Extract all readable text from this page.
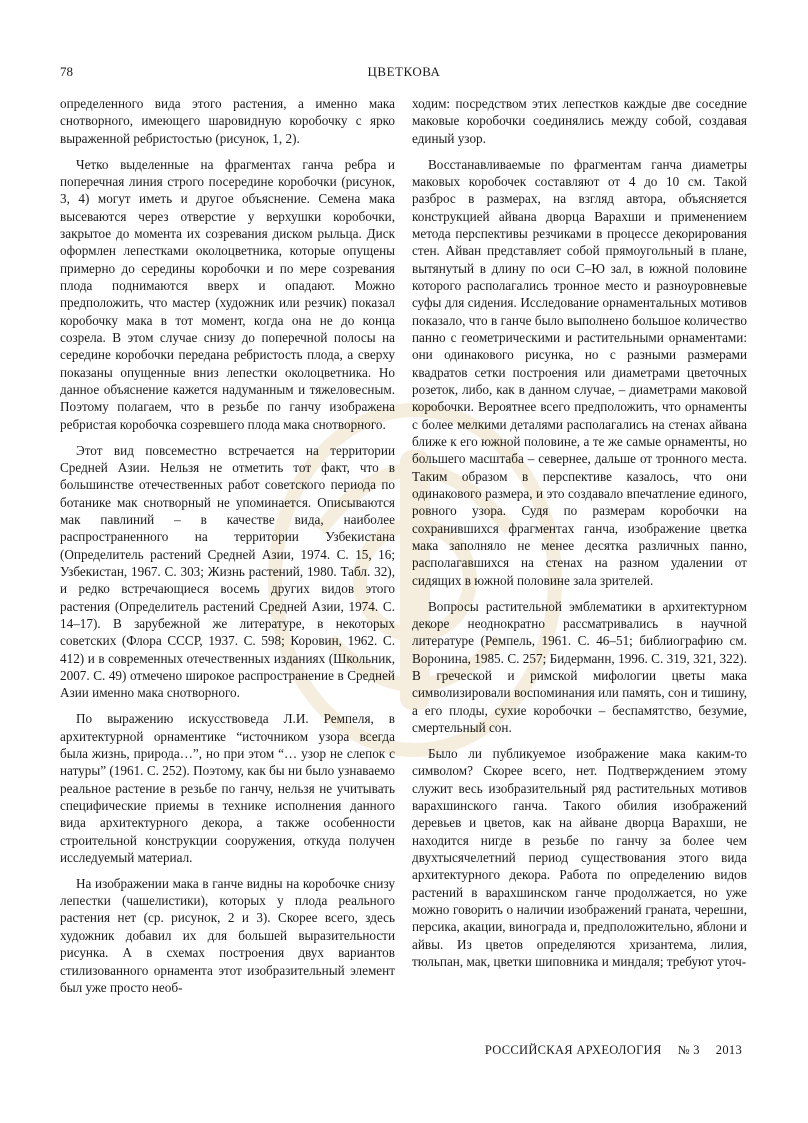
78	ЦВЕТКОВА

определенного вида этого растения, а именно мака снотворного, имеющего шаровидную коробочку с ярко выраженной ребристостью (рисунок, 1, 2).

Четко выделенные на фрагментах ганча ребра и поперечная линия строго посередине коробочки (рисунок, 3, 4) могут иметь и другое объяснение. Семена мака высеваются через отверстие у верхушки коробочки, закрытое до момента их созревания диском рыльца. Диск оформлен лепестками околоцветника, которые опущены примерно до середины коробочки и по мере созревания плода поднимаются вверх и опадают. Можно предположить, что мастер (художник или резчик) показал коробочку мака в тот момент, когда она не до конца созрела. В этом случае снизу до поперечной полосы на середине коробочки передана ребристость плода, а сверху показаны опущенные вниз лепестки околоцветника. Но данное объяснение кажется надуманным и тяжеловесным. Поэтому полагаем, что в резьбе по ганчу изображена ребристая коробочка созревшего плода мака снотворного.

Этот вид повсеместно встречается на территории Средней Азии. Нельзя не отметить тот факт, что в большинстве отечественных работ советского периода по ботанике мак снотворный не упоминается. Описываются мак павлиний – в качестве вида, наиболее распространенного на территории Узбекистана (Определитель растений Средней Азии, 1974. С. 15, 16; Узбекистан, 1967. С. 303; Жизнь растений, 1980. Табл. 32), и редко встречающиеся восемь других видов этого растения (Определитель растений Средней Азии, 1974. С. 14–17). В зарубежной же литературе, в некоторых советских (Флора СССР, 1937. С. 598; Коровин, 1962. С. 412) и в современных отечественных изданиях (Школьник, 2007. С. 49) отмечено широкое распространение в Средней Азии именно мака снотворного.

По выражению искусствоведа Л.И. Ремпеля, в архитектурной орнаментике “источником узора всегда была жизнь, природа…”, но при этом “… узор не слепок с натуры” (1961. С. 252). Поэтому, как бы ни было узнаваемо реальное растение в резьбе по ганчу, нельзя не учитывать специфические приемы в технике исполнения данного вида архитектурного декора, а также особенности строительной конструкции сооружения, откуда получен исследуемый материал.

На изображении мака в ганче видны на коробочке снизу лепестки (чашелистики), которых у плода реального растения нет (ср. рисунок, 2 и 3). Скорее всего, здесь художник добавил их для большей выразительности рисунка. А в схемах построения двух вариантов стилизованного орнамента этот изобразительный элемент был уже просто необ-

ходим: посредством этих лепестков каждые две соседние маковые коробочки соединялись между собой, создавая единый узор.

Восстанавливаемые по фрагментам ганча диаметры маковых коробочек составляют от 4 до 10 см. Такой разброс в размерах, на взгляд автора, объясняется конструкцией айвана дворца Варахши и применением метода перспективы резчиками в процессе декорирования стен. Айван представляет собой прямоугольный в плане, вытянутый в длину по оси С–Ю зал, в южной половине которого располагались тронное место и разноуровневые суфы для сидения. Исследование орнаментальных мотивов показало, что в ганче было выполнено большое количество панно с геометрическими и растительными орнаментами: они одинакового рисунка, но с разными размерами квадратов сетки построения или диаметрами цветочных розеток, либо, как в данном случае, – диаметрами маковой коробочки. Вероятнее всего предположить, что орнаменты с более мелкими деталями располагались на стенах айвана ближе к его южной половине, а те же самые орнаменты, но большего масштаба – севернее, дальше от тронного места. Таким образом в перспективе казалось, что они одинакового размера, и это создавало впечатление единого, ровного узора. Судя по размерам коробочки на сохранившихся фрагментах ганча, изображение цветка мака заполняло не менее десятка различных панно, располагавшихся на стенах на разном удалении от сидящих в южной половине зала зрителей.

Вопросы растительной эмблематики в архитектурном декоре неоднократно рассматривались в научной литературе (Ремпель, 1961. С. 46–51; библиографию см. Воронина, 1985. С. 257; Бидерманн, 1996. С. 319, 321, 322). В греческой и римской мифологии цветы мака символизировали воспоминания или память, сон и тишину, а его плоды, сухие коробочки – беспамятство, безумие, смертельный сон.

Было ли публикуемое изображение мака каким-то символом? Скорее всего, нет. Подтверждением этому служит весь изобразительный ряд растительных мотивов варахшинского ганча. Такого обилия изображений деревьев и цветов, как на айване дворца Варахши, не находится нигде в резьбе по ганчу за более чем двухтысячелетний период существования этого вида архитектурного декора. Работа по определению видов растений в варахшинском ганче продолжается, но уже можно говорить о наличии изображений граната, черешни, персика, акации, винограда и, предположительно, яблони и айвы. Из цветов определяются хризантема, лилия, тюльпан, мак, цветки шиповника и миндаля; требуют уточ-

РОССИЙСКАЯ АРХЕОЛОГИЯ № 3 2013
